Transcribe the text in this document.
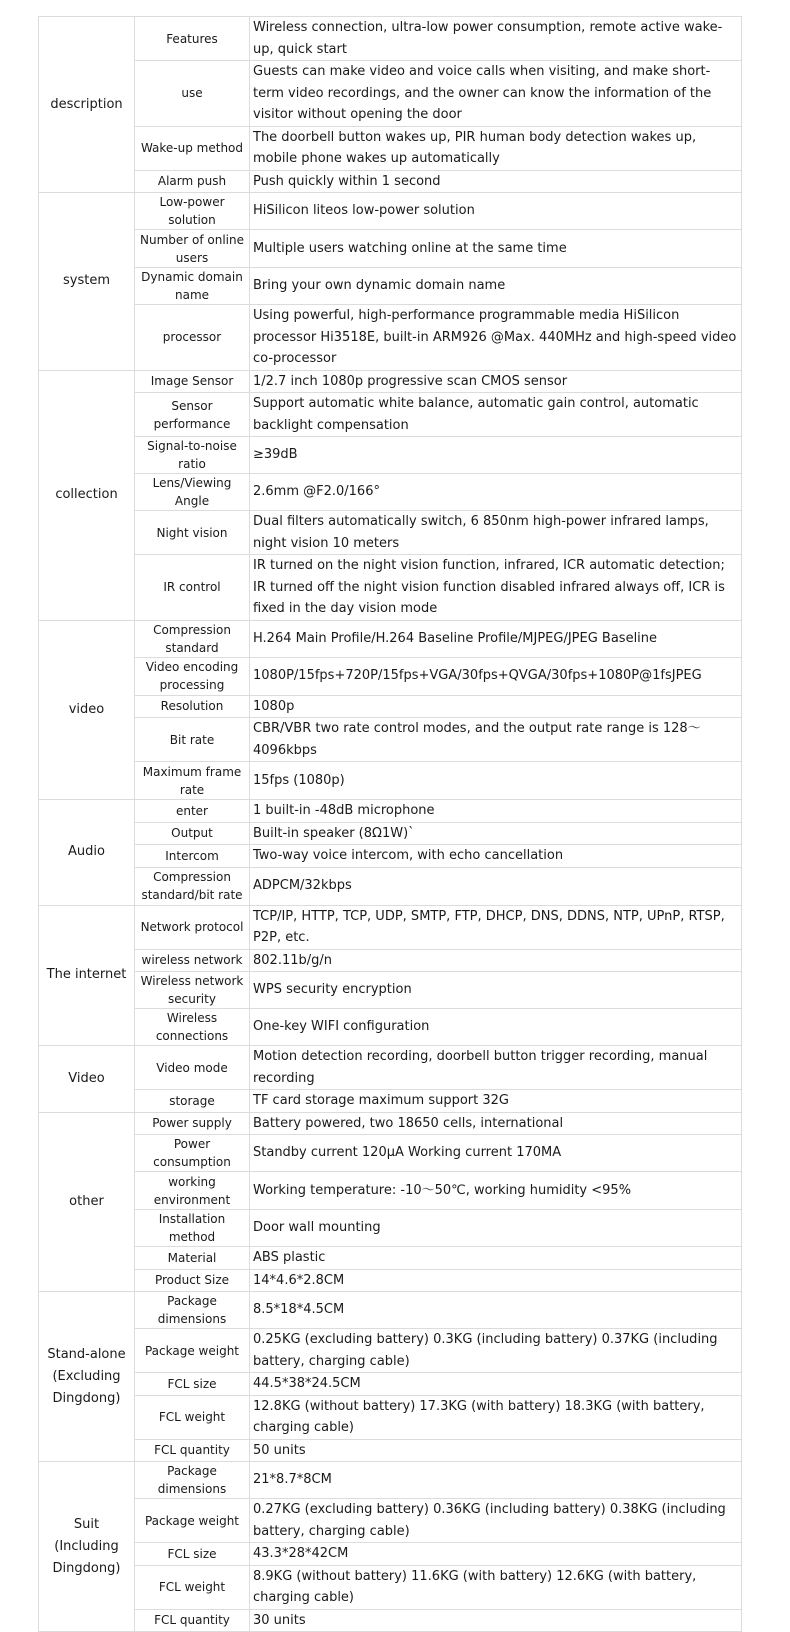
description	Features	Wireless connection, ultra-low power consumption, remote active wake-up, quick start
	use	Guests can make video and voice calls when visiting, and make short-term video recordings, and the owner can know the information of the visitor without opening the door
	Wake-up method	The doorbell button wakes up, PIR human body detection wakes up, mobile phone wakes up automatically
	Alarm push	Push quickly within 1 second
system	Low-power solution	HiSilicon liteos low-power solution
	Number of online users	Multiple users watching online at the same time
	Dynamic domain name	Bring your own dynamic domain name
	processor	Using powerful, high-performance programmable media HiSilicon processor Hi3518E, built-in ARM926 @Max. 440MHz and high-speed video co-processor
collection	Image Sensor	1/2.7 inch 1080p progressive scan CMOS sensor
	Sensor performance	Support automatic white balance, automatic gain control, automatic backlight compensation
	Signal-to-noise ratio	≥39dB
	Lens/Viewing Angle	2.6mm @F2.0/166°
	Night vision	Dual filters automatically switch, 6 850nm high-power infrared lamps, night vision 10 meters
	IR control	IR turned on the night vision function, infrared, ICR automatic detection; IR turned off the night vision function disabled infrared always off, ICR is fixed in the day vision mode
video	Compression standard	H.264 Main Profile/H.264 Baseline Profile/MJPEG/JPEG Baseline
	Video encoding processing	1080P/15fps+720P/15fps+VGA/30fps+QVGA/30fps+1080P@1fsJPEG
	Resolution	1080p
	Bit rate	CBR/VBR two rate control modes, and the output rate range is 128～4096kbps
	Maximum frame rate	15fps (1080p)
Audio	enter	1 built-in -48dB microphone
	Output	Built-in speaker (8Ω1W)`
	Intercom	Two-way voice intercom, with echo cancellation
	Compression standard/bit rate	ADPCM/32kbps
The internet	Network protocol	TCP/IP, HTTP, TCP, UDP, SMTP, FTP, DHCP, DNS, DDNS, NTP, UPnP, RTSP, P2P, etc.
	wireless network	802.11b/g/n
	Wireless network security	WPS security encryption
	Wireless connections	One-key WIFI configuration
Video	Video mode	Motion detection recording, doorbell button trigger recording, manual recording
	storage	TF card storage maximum support 32G
other	Power supply	Battery powered, two 18650 cells, international
	Power consumption	Standby current 120μA Working current 170MA
	working environment	Working temperature: -10～50℃, working humidity <95%
	Installation method	Door wall mounting
	Material	ABS plastic
	Product Size	14*4.6*2.8CM
Stand-alone (Excluding Dingdong)	Package dimensions	8.5*18*4.5CM
	Package weight	0.25KG (excluding battery) 0.3KG (including battery) 0.37KG (including battery, charging cable)
	FCL size	44.5*38*24.5CM
	FCL weight	12.8KG (without battery) 17.3KG (with battery) 18.3KG (with battery, charging cable)
	FCL quantity	50 units
Suit (Including Dingdong)	Package dimensions	21*8.7*8CM
	Package weight	0.27KG (excluding battery) 0.36KG (including battery) 0.38KG (including battery, charging cable)
	FCL size	43.3*28*42CM
	FCL weight	8.9KG (without battery) 11.6KG (with battery) 12.6KG (with battery, charging cable)
	FCL quantity	30 units
